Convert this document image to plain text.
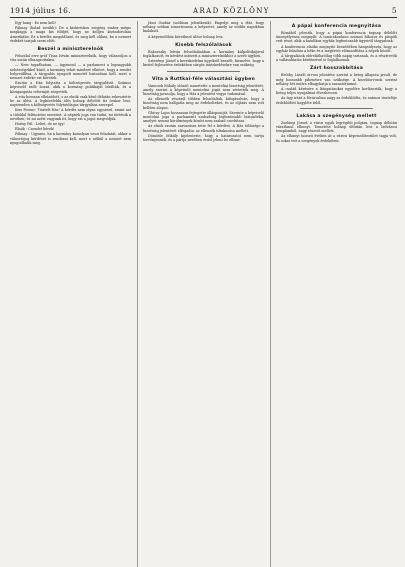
1914 július 16.	ARAD KÖZLÖNY	5
Egy hang : Ez nem kell!
Pálmay (halad tovább): De a kisbirtokos szegény ember mégis megkapja a maga kis földjét, hogy ne kelljen kivándorolnia Amerikába. Ez a kérdés megoldható, és meg kell oldani, ha a nemzet érdekét tartjuk szem előtt.
Beszél a miniszterelnök
Felszólal erre gróf Tisza István miniszterelnök, hogy válaszoljon a vita során elhangzottakra.
— Nem tagadhatom, — úgymond — a parlament a legnagyobb nehézségekkel küzd, a kormány tehát mindent elkövet, hogy a rendet helyreállítsa. A tárgyalás nyugodt menetét biztosítani kell, mert a nemzet érdeke ezt követeli.
Ezután a Ház folytatta a költségvetés tárgyalását. Számos képviselő szólt hozzá, akik a kormány politikáját bírálták, és a közigazgatás reformját sürgették.
A vita hosszan elhúzódott, s az elnök csak késő délután rekesztette be az ülést. A legközelebbi ülés holnap délelőtt tíz órakor lesz, napirenden a költségvetés folytatólagos tárgyalása szerepel.
Kiss Ferenc: Tisztelt Ház! A kérdés nem olyan egyszerű, amint azt a túloldal feltüntetni szeretné. A népnek joga van tudni, mi történik a nevében, és mi azért vagyunk itt, hogy ezt a jogot megvédjük.
Hoitsy Pál : Lehet, de ne így!
Elnök : Csendet kérek!
Pálmay : Ugyanis, ha a kormány komolyan veszi feladatát, akkor a választójog kérdését is rendezni kell, mert e nélkül a nemzet nem nyugodhatik meg.
Jászi Oszkár (szólásra jelentkezik): Engedje meg a Ház, hogy néhány szóban ismertessem a helyzetet, amely az utóbbi napokban kialakult.
A képviselőház következő ülése holnap lesz.
Kisebb felszólalások
Rakovszky István felszólalásában a kormány külpolitikájával foglalkozott, és kérdést intézett a miniszterelnökhöz a szerb ügyben.
Szterényi József a kereskedelmi ügyekről beszélt, kiemelve, hogy a kivitel fejlesztése érdekében sürgős intézkedésekre van szükség.
Vita a Ruttkai-féle választási ügyben
Vanicsek Mihály előadó ismertette a mentelmi bizottság jelentését, amely szerint a képviselő mentelmi jogát nem sértették meg. A bizottság javasolja, hogy a Ház a jelentést vegye tudomásul.
Az ellenzék részéről többen felszólaltak, kifogásolván, hogy a bizottság nem hallgatta meg az érdekelteket, és az eljárás nem volt kellően alapos.
Ghiczy Lajos hosszasan fejtegette álláspontját. Szerinte a képviselő mentelmi joga a parlamenti szabadság legfontosabb biztosítéka, amelyet semmi körülmények között nem szabad csorbítani.
Az elnök ezután szavazásra tette fel a kérdést. A Ház többsége a bizottság jelentését elfogadta, az ellenzék tiltakozása mellett.
Dömötör Mihály kijelentette, hogy a határozatot nem tartja törvényesnek, és a pártja nevében óvást jelent be ellene.
A pápai konferencia megnyitása
Rómából jelentik, hogy a pápai konferencia tegnap délelőtt ünnepélyesen megnyílt. A tanácskozáson számos bíboros és püspök vett részt, akik a katolikus egyház legfontosabb ügyeiről tárgyalnak.
A konferencia elnöke megnyitó beszédében hangsúlyozta, hogy az egyház feladata a béke és a megértés előmozdítása a népek között.
A tárgyalások előreláthatólag több napig tartanak, és a résztvevők a vallásoktatás kérdéseivel is foglalkoznak.
Zárt hosszabbítása
Beöthy László orvosi jelentése szerint a beteg állapota javult, de még hosszabb pihenésre van szüksége. A kezelőorvosok szerint néhány hét múlva elhagyhatja a szanatóriumot.
A család kérésére a látogatásokat egyelőre korlátozták, hogy a beteg teljes nyugalmat élvezhessen.
Az ügy iránt a fővárosban nagy az érdeklődés, és számos tisztelője érdeklődött hogyléte felől.
Lakása a szegénység mellett
Zselányi József, a város egyik legrégibb polgára, tegnap délután váratlanul elhunyt. Temetése holnap délután lesz a belvárosi templomból, nagy részvét mellett.
Az elhunyt hosszú éveken át a városi képviselőtestület tagja volt, és sokat tett a szegények érdekében.
